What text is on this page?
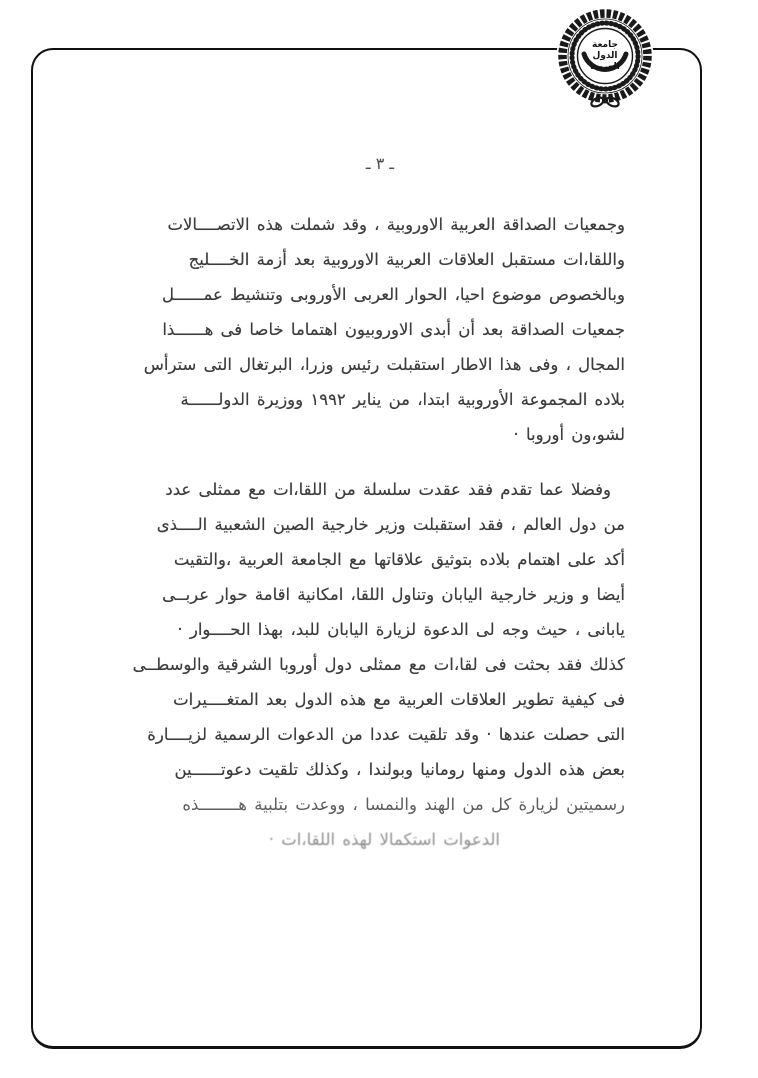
جامعة
الدول
العربية
ـ ٣ ـ
وجمعيات الصداقة العربية الاوروبية ، وقد شملت هذه الاتصــــالات
واللقا،ات مستقبل العلاقات العربية الاوروبية بعد أزمة الخــــليج
وبالخصوص موضوع احيا، الحوار العربى الأوروبى وتنشيط عمــــــل
جمعيات الصداقة بعد أن أبدى الاوروبيون اهتماما خاصا فى هــــــذا
المجال ، وفى هذا الاطار استقبلت رئيس وزرا، البرتغال التى سترأس
بلاده المجموعة الأوروبية ابتدا، من يناير ١٩٩٢ ووزيرة الدولــــــة
لشو،ون أوروبا ·
وفضلا عما تقدم فقد عقدت سلسلة من اللقا،ات مع ممثلى عدد
من دول العالم ، فقد استقبلت وزير خارجية الصين الشعبية الــــذى
أكد على اهتمام بلاده بتوثيق علاقاتها مع الجامعة العربية ،والتقيت
أيضا و وزير خارجية اليابان وتناول اللقا، امكانية اقامة حوار عربــى
يابانى ، حيث وجه لى الدعوة لزيارة اليابان للبد، بهذا الحــــوار ·
كذلك فقد بحثت فى لقا،ات مع ممثلى دول أوروبا الشرقية والوسطــى
فى كيفية تطوير العلاقات العربية مع هذه الدول بعد المتغــــيرات
التى حصلت عندها · وقد تلقيت عددا من الدعوات الرسمية لزيــــارة
بعض هذه الدول ومنها رومانيا وبولندا ، وكذلك تلقيت دعوتــــــين
رسميتين لزيارة كل من الهند والنمسا ، ووعدت بتلبية هــــــــذه
الدعوات استكمالا لهذه اللقا،ات ·
